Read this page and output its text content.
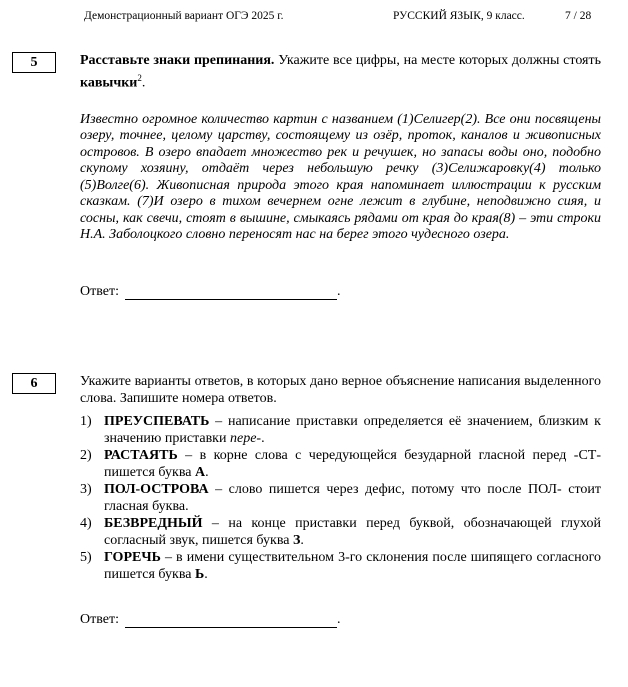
Демонстрационный вариант ОГЭ 2025 г.	РУССКИЙ ЯЗЫК, 9 класс.	7 / 28
5	Расставьте знаки препинания. Укажите все цифры, на месте которых должны стоять кавычки$^2$.
Известно огромное количество картин с названием (1)Селигер(2). Все они посвящены озеру, точнее, целому царству, состоящему из озёр, проток, каналов и живописных островов. В озеро впадает множество рек и речушек, но запасы воды оно, подобно скупому хозяину, отдаёт через небольшую речку (3)Селижаровку(4) только (5)Волге(6). Живописная природа этого края напоминает иллюстрации к русским сказкам. (7)И озеро в тихом вечернем огне лежит в глубине, неподвижно сияя, и сосны, как свечи, стоят в вышине, смыкаясь рядами от края до края(8) – эти строки Н.А. Заболоцкого словно переносят нас на берег этого чудесного озера.
Ответ:	.
6	Укажите варианты ответов, в которых дано верное объяснение написания выделенного слова. Запишите номера ответов.
1) ПРЕУСПЕВАТЬ – написание приставки определяется её значением, близким к значению приставки пере-.
2) РАСТАЯТЬ – в корне слова с чередующейся безударной гласной перед -СТ- пишется буква А.
3) ПОЛ-ОСТРОВА – слово пишется через дефис, потому что после ПОЛ- стоит гласная буква.
4) БЕЗВРЕДНЫЙ – на конце приставки перед буквой, обозначающей глухой согласный звук, пишется буква З.
5) ГОРЕЧЬ – в имени существительном 3-го склонения после шипящего согласного пишется буква Ь.
Ответ:	.
